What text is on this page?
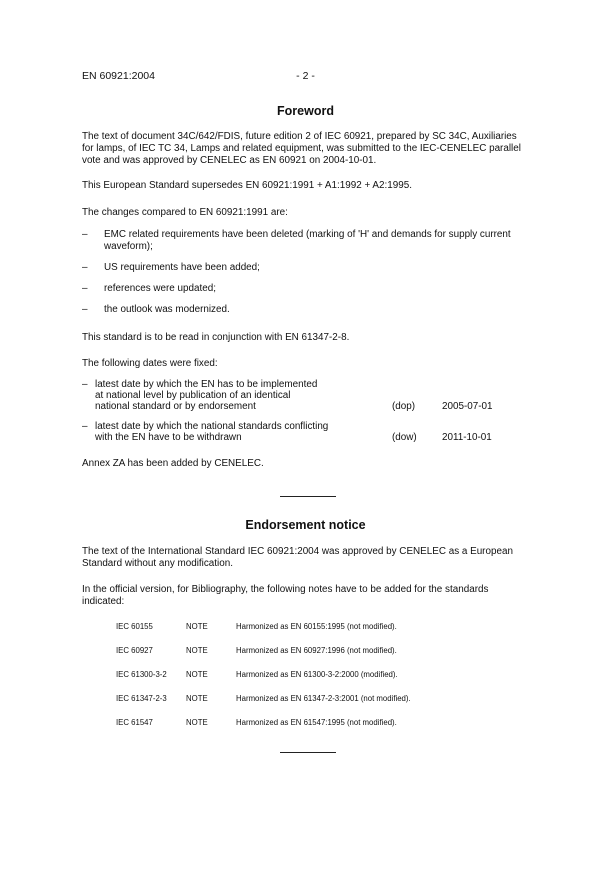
EN 60921:2004	- 2 -
Foreword
The text of document 34C/642/FDIS, future edition 2 of IEC 60921, prepared by SC 34C, Auxiliaries
for lamps, of IEC TC 34, Lamps and related equipment, was submitted to the IEC-CENELEC parallel
vote and was approved by CENELEC as EN 60921 on 2004-10-01.
This European Standard supersedes EN 60921:1991 + A1:1992 + A2:1995.
The changes compared to EN 60921:1991 are:
– EMC related requirements have been deleted (marking of 'H' and demands for supply current
waveform);
– US requirements have been added;
– references were updated;
– the outlook was modernized.
This standard is to be read in conjunction with EN 61347-2-8.
The following dates were fixed:
– latest date by which the EN has to be implemented
at national level by publication of an identical
national standard or by endorsement	(dop)	2005-07-01
– latest date by which the national standards conflicting
with the EN have to be withdrawn	(dow)	2011-10-01
Annex ZA has been added by CENELEC.
Endorsement notice
The text of the International Standard IEC 60921:2004 was approved by CENELEC as a European
Standard without any modification.
In the official version, for Bibliography, the following notes have to be added for the standards
indicated:
IEC 60155	NOTE	Harmonized as EN 60155:1995 (not modified).
IEC 60927	NOTE	Harmonized as EN 60927:1996 (not modified).
IEC 61300-3-2 NOTE	Harmonized as EN 61300-3-2:2000 (modified).
IEC 61347-2-3 NOTE	Harmonized as EN 61347-2-3:2001 (not modified).
IEC 61547	NOTE	Harmonized as EN 61547:1995 (not modified).
